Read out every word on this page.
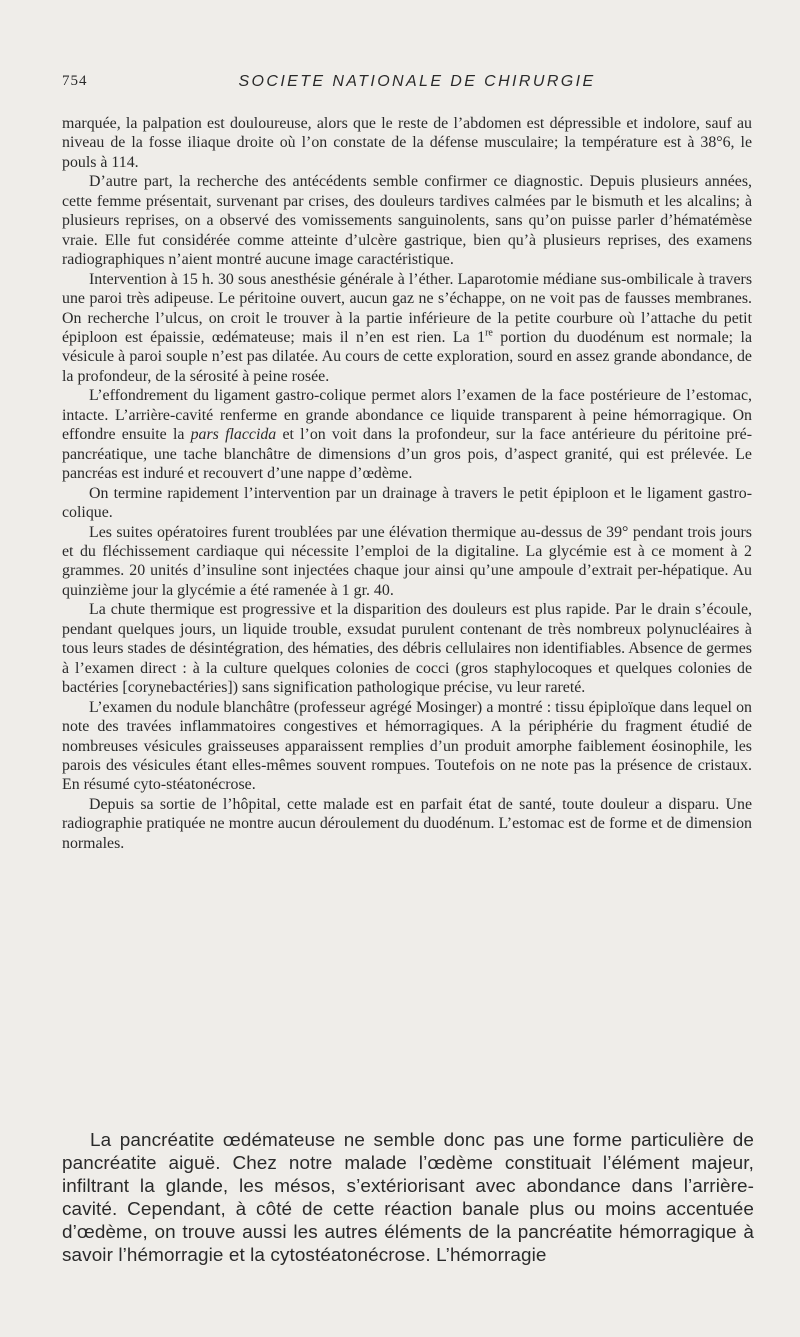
754	SOCIETE NATIONALE DE CHIRURGIE

marquée, la palpation est douloureuse, alors que le reste de l’abdomen est dépressible et indolore, sauf au niveau de la fosse iliaque droite où l’on constate de la défense musculaire; la température est à 38°6, le pouls à 114.

D’autre part, la recherche des antécédents semble confirmer ce diagnostic. Depuis plusieurs années, cette femme présentait, survenant par crises, des douleurs tardives calmées par le bismuth et les alcalins; à plusieurs reprises, on a observé des vomissements sanguinolents, sans qu’on puisse parler d’hématémèse vraie. Elle fut considérée comme atteinte d’ulcère gastrique, bien qu’à plusieurs reprises, des examens radiographiques n’aient montré aucune image caractéristique.

Intervention à 15 h. 30 sous anesthésie générale à l’éther. Laparotomie médiane sus-ombilicale à travers une paroi très adipeuse. Le péritoine ouvert, aucun gaz ne s’échappe, on ne voit pas de fausses membranes. On recherche l’ulcus, on croit le trouver à la partie inférieure de la petite courbure où l’attache du petit épiploon est épaissie, œdémateuse; mais il n’en est rien. La 1re portion du duodénum est normale; la vésicule à paroi souple n’est pas dilatée. Au cours de cette exploration, sourd en assez grande abondance, de la profondeur, de la sérosité à peine rosée.

L’effondrement du ligament gastro-colique permet alors l’examen de la face postérieure de l’estomac, intacte. L’arrière-cavité renferme en grande abondance ce liquide transparent à peine hémorragique. On effondre ensuite la pars flaccida et l’on voit dans la profondeur, sur la face antérieure du péritoine pré-pancréatique, une tache blanchâtre de dimensions d’un gros pois, d’aspect granité, qui est prélevée. Le pancréas est induré et recouvert d’une nappe d’œdème.

On termine rapidement l’intervention par un drainage à travers le petit épiploon et le ligament gastro-colique.

Les suites opératoires furent troublées par une élévation thermique au-dessus de 39° pendant trois jours et du fléchissement cardiaque qui nécessite l’emploi de la digitaline. La glycémie est à ce moment à 2 grammes. 20 unités d’insuline sont injectées chaque jour ainsi qu’une ampoule d’extrait per-hépatique. Au quinzième jour la glycémie a été ramenée à 1 gr. 40.

La chute thermique est progressive et la disparition des douleurs est plus rapide. Par le drain s’écoule, pendant quelques jours, un liquide trouble, exsudat purulent contenant de très nombreux polynucléaires à tous leurs stades de désintégration, des hématies, des débris cellulaires non identifiables. Absence de germes à l’examen direct : à la culture quelques colonies de cocci (gros staphylocoques et quelques colonies de bactéries [corynebactéries]) sans signification pathologique précise, vu leur rareté.

L’examen du nodule blanchâtre (professeur agrégé Mosinger) a montré : tissu épiploïque dans lequel on note des travées inflammatoires congestives et hémorragiques. A la périphérie du fragment étudié de nombreuses vésicules graisseuses apparaissent remplies d’un produit amorphe faiblement éosinophile, les parois des vésicules étant elles-mêmes souvent rompues. Toutefois on ne note pas la présence de cristaux. En résumé cyto-stéatonécrose.

Depuis sa sortie de l’hôpital, cette malade est en parfait état de santé, toute douleur a disparu. Une radiographie pratiquée ne montre aucun déroulement du duodénum. L’estomac est de forme et de dimension normales.

La pancréatite œdémateuse ne semble donc pas une forme particulière de pancréatite aiguë. Chez notre malade l’œdème constituait l’élément majeur, infiltrant la glande, les mésos, s’extériorisant avec abondance dans l’arrière-cavité. Cependant, à côté de cette réaction banale plus ou moins accentuée d’œdème, on trouve aussi les autres éléments de la pancréatite hémorragique à savoir l’hémorragie et la cytostéatonécrose. L’hémorragie
